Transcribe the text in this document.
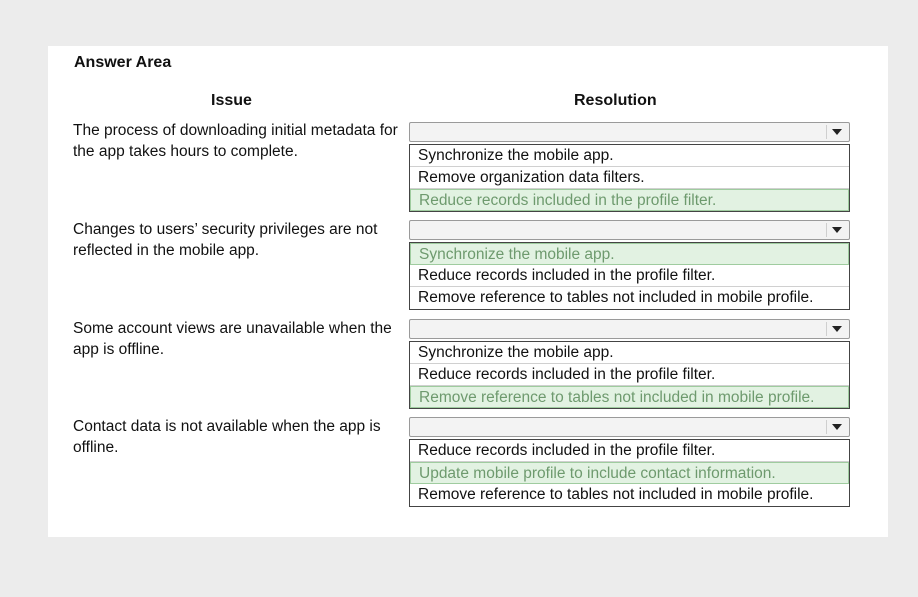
Answer Area
Issue	Resolution
The process of downloading initial metadata for the app takes hours to complete.	Synchronize the mobile app.
Remove organization data filters.
Reduce records included in the profile filter.
Changes to users’ security privileges are not reflected in the mobile app.	Synchronize the mobile app.
Reduce records included in the profile filter.
Remove reference to tables not included in mobile profile.
Some account views are unavailable when the app is offline.	Synchronize the mobile app.
Reduce records included in the profile filter.
Remove reference to tables not included in mobile profile.
Contact data is not available when the app is offline.	Reduce records included in the profile filter.
Update mobile profile to include contact information.
Remove reference to tables not included in mobile profile.
